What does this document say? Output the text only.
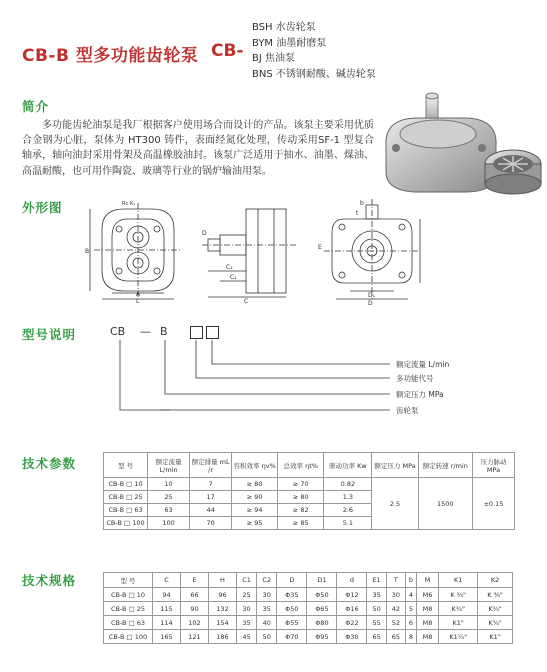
CB-B 型多功能齿轮泵 CB-
BSH 水齿轮泵
BYM 油墨耐磨泵
BJ 焦油泵
BNS 不锈钢耐酸、碱齿轮泵
简介

多功能齿轮油泵是我厂根据客户使用场合而设计的产品。该泵主要采用优质合金钢为心脏，泵体为 HT300 铸件，表面经氮化处理，传动采用SF-1 型复合轴承，轴向油封采用骨架及高温橡胶油封。该泵广泛适用于抽水、油墨、煤油、高温耐酸，也可用作陶瓷、玻璃等行业的锅炉输油用泵。

外形图	Rc K₁
L
A
B
D
C₂
C₁
C
b
t
E
D₁
D
型号说明	CB — B
额定流量 L/min
多功能代号
额定压力 MPa
齿轮泵
技术参数	型 号	额定流量 L/min	额定排量 mL /r	容积效率 ηv%	总效率 ηt%	驱动功率 Kw	额定压力 MPa	额定转速 r/min	压力脉动 MPa
CB-B □ 10	10	7	≥ 80	≥ 70	0.82	2.5	1500	±0.15
CB-B □ 25	25	17	≥ 90	≥ 80	1.3			
CB-B □ 63	63	44	≥ 94	≥ 82	2.6			
CB-B □ 100	100	70	≥ 95	≥ 85	5.1			
技术规格	型 号	C	E	H	C1	C2	D	D1	d	E1	T	b	M	K1	K2
CB-B □ 10	94	66	96	25	30	Φ35	Φ50	Φ12	35	30	4	M6	K ⅜"	K ⅜"
CB-B □ 25	115	90	132	30	35	Φ50	Φ65	Φ16	50	42	5	M8	K¾"	K¾"
CB-B □ 63	114	102	154	35	40	Φ55	Φ80	Φ22	55	52	6	M8	K1"	K¾"
CB-B □ 100	165	121	186	45	50	Φ70	Φ95	Φ30	65	65	8	M8	K1¼"	K1"
